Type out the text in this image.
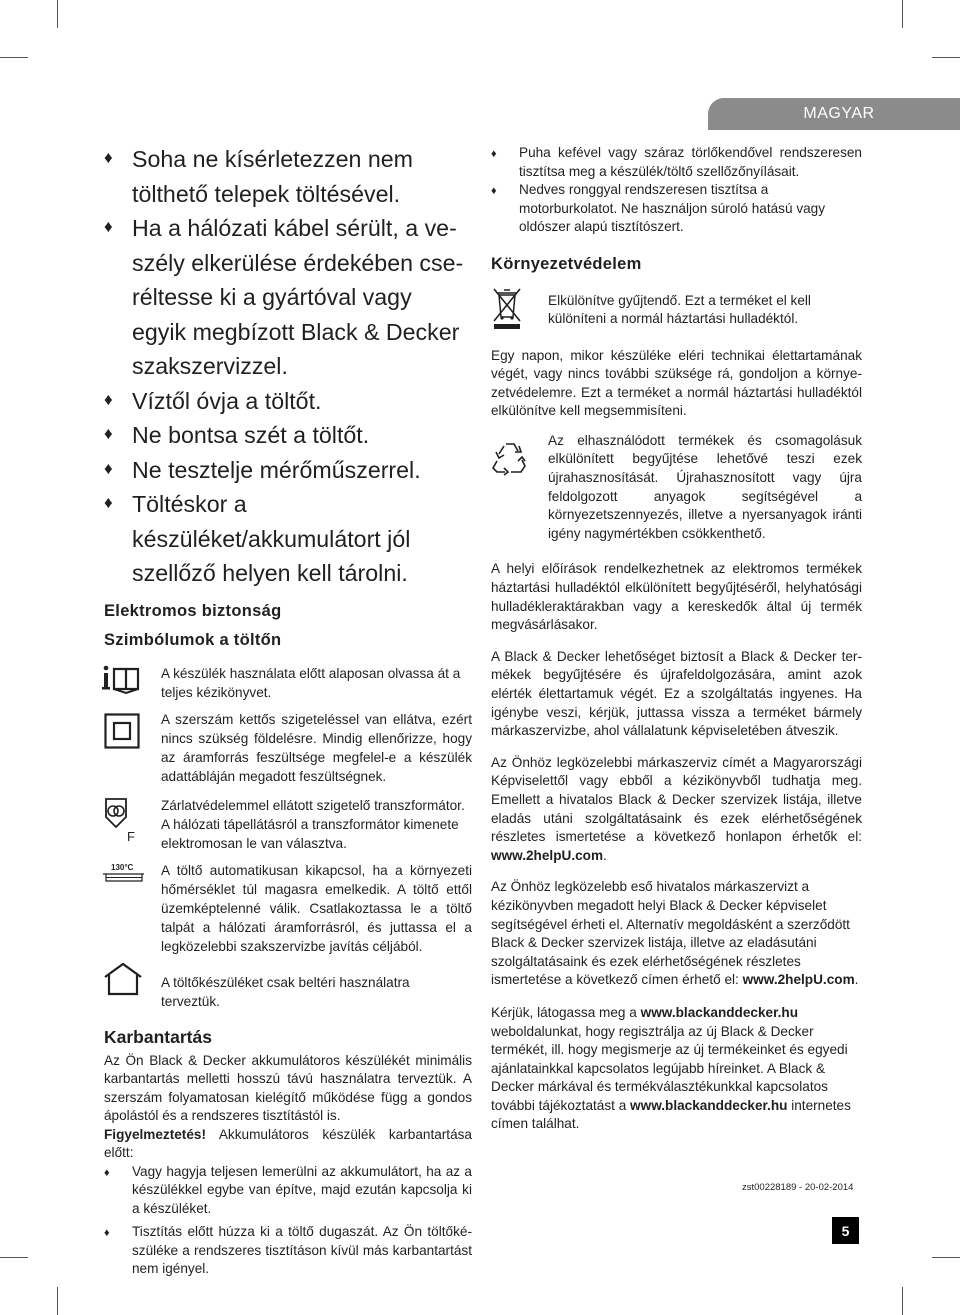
MAGYAR
♦ Soha ne kísérletezzen nem tölthető telepek töltésével.
♦ Ha a hálózati kábel sérült, a veszély elkerülése érdekében cseréltesse ki a gyártóval vagy egyik megbízott Black & Decker szakszervizzel.
♦ Víztől óvja a töltőt.
♦ Ne bontsa szét a töltőt.
♦ Ne tesztelje mérőműszerrel.
♦ Töltéskor a készüléket/akkumulátort jól szellőző helyen kell tárolni.
Elektromos biztonság
Szimbólumok a töltőn
A készülék használata előtt alaposan olvassa át a teljes kézikönyvet.
A szerszám kettős szigeteléssel van ellátva, ezért nincs szükség földelésre. Mindig ellenőrizze, hogy az áramforrás feszültsége megfelel-e a készülék adattábláján megadott feszültségnek.
F
Zárlatvédelemmel ellátott szigetelő transzformátor. A hálózati tápellátásról a transzformátor kimenete elektromosan le van választva.
130°C A töltő automatikusan kikapcsol, ha a környezeti hőmérséklet túl magasra emelkedik. A töltő ettől üzemképtelenné válik. Csatlakoztassa le a töltő talpát a hálózati áramforrásról, és juttassa el a legközelebbi szakszervizbe javítás céljából.
A töltőkészüléket csak beltéri használatra terveztük.
Karbantartás

Az Ön Black & Decker akkumulátoros készülékét minimális karbantartás melletti hosszú távú használatra terveztük. A szerszám folyamatosan kielégítő működése függ a gondos ápolástól és a rendszeres tisztítástól is.

Figyelmeztetés! Akkumulátoros készülék karbantartása előtt:

♦ Vagy hagyja teljesen lemerülni az akkumulátort, ha az a készülékkel egybe van építve, majd ezután kapcsolja ki a készüléket.
♦ Tisztítás előtt húzza ki a töltő dugaszát. Az Ön töltőkészüléke a rendszeres tisztításon kívül más karbantartást nem igényel.
♦ Puha kefével vagy száraz törlőkendővel rendszeresen tisztítsa meg a készülék/töltő szellőzőnyílásait.
♦ Nedves ronggyal rendszeresen tisztítsa a motorburkolatot. Ne használjon súroló hatású vagy oldószer alapú tisztítószert.
Környezetvédelem
Elkülönítve gyűjtendő. Ezt a terméket el kell különíteni a normál háztartási hulladéktól.

Egy napon, mikor készüléke eléri technikai élettartamának végét, vagy nincs további szüksége rá, gondoljon a környezetvédelemre. Ezt a terméket a normál háztartási hulladéktól elkülönítve kell megsemmisíteni.

Az elhasználódott termékek és csomagolásuk elkülönített begyűjtése lehetővé teszi ezek újrahasznosítását. Újrahasznosított vagy újra feldolgozott anyagok segítségével a környezetszennyezés, illetve a nyersanyagok iránti igény nagymértékben csökkenthető.

A helyi előírások rendelkezhetnek az elektromos termékek háztartási hulladéktól elkülönített begyűjtéséről, helyhatósági hulladékleraktárakban vagy a kereskedők által új termék megvásárlásakor.

A Black & Decker lehetőséget biztosít a Black & Decker termékek begyűjtésére és újrafeldolgozására, amint azok elérték élettartamuk végét. Ez a szolgáltatás ingyenes. Ha igénybe veszi, kérjük, juttassa vissza a terméket bármely márkaszervizbe, ahol vállalatunk képviseletében átveszik.

Az Önhöz legközelebbi márkaszerviz címét a Magyarországi Képviselettől vagy ebből a kézikönyvből tudhatja meg. Emellett a hivatalos Black & Decker szervizek listája, illetve eladás utáni szolgáltatásaink és ezek elérhetőségének részletes ismertetése a következő honlapon érhetők el: www.2helpU.com.

Az Önhöz legközelebb eső hivatalos márkaszervizt a kézikönyvben megadott helyi Black & Decker képviselet segítségével érheti el. Alternatív megoldásként a szerződött Black & Decker szervizek listája, illetve az eladásutáni szolgáltatásaink és ezek elérhetőségének részletes ismertetése a következő címen érhető el: www.2helpU.com.

Kérjük, látogassa meg a www.blackanddecker.hu weboldalunkat, hogy regisztrálja az új Black & Decker termékét, ill. hogy megismerje az új termékeinket és egyedi ajánlatainkkal kapcsolatos legújabb híreinket. A Black & Decker márkával és termékválasztékunkkal kapcsolatos további tájékoztatást a www.blackanddecker.hu internetes címen találhat.

zst00228189 - 20-02-2014
5
